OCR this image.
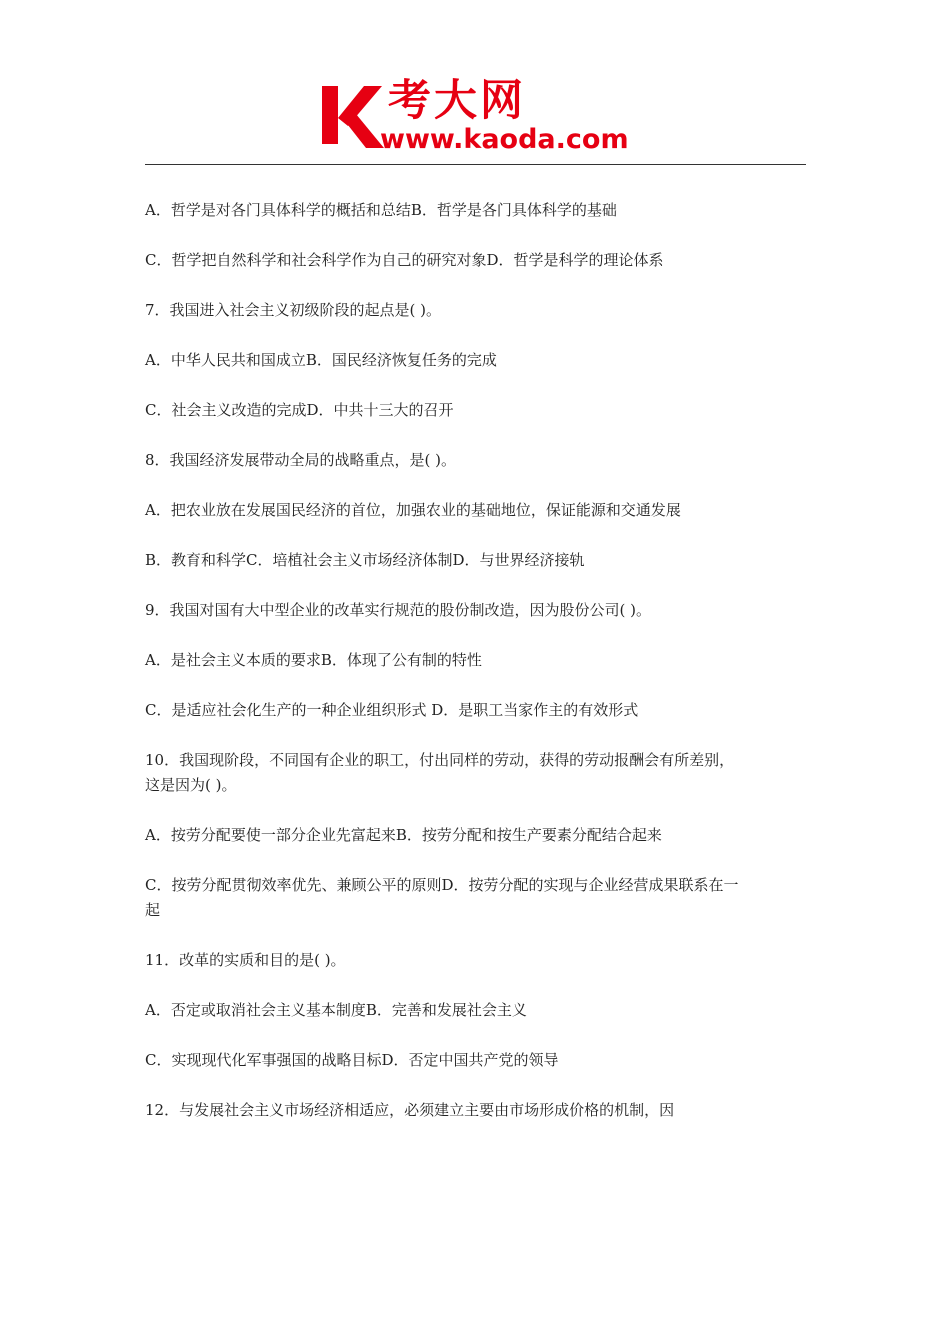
考大网
www.kaoda.com

A．哲学是对各门具体科学的概括和总结B．哲学是各门具体科学的基础

C．哲学把自然科学和社会科学作为自己的研究对象D．哲学是科学的理论体系

7．我国进入社会主义初级阶段的起点是( )。

A．中华人民共和国成立B．国民经济恢复任务的完成

C．社会主义改造的完成D．中共十三大的召开

8．我国经济发展带动全局的战略重点，是( )。

A．把农业放在发展国民经济的首位，加强农业的基础地位，保证能源和交通发展

B．教育和科学C．培植社会主义市场经济体制D．与世界经济接轨

9．我国对国有大中型企业的改革实行规范的股份制改造，因为股份公司( )。

A．是社会主义本质的要求B．体现了公有制的特性

C．是适应社会化生产的一种企业组织形式 D．是职工当家作主的有效形式

10．我国现阶段，不同国有企业的职工，付出同样的劳动，获得的劳动报酬会有所差别，这是因为( )。

A．按劳分配要使一部分企业先富起来B．按劳分配和按生产要素分配结合起来

C．按劳分配贯彻效率优先、兼顾公平的原则D．按劳分配的实现与企业经营成果联系在一起

11．改革的实质和目的是( )。

A．否定或取消社会主义基本制度B．完善和发展社会主义

C．实现现代化军事强国的战略目标D．否定中国共产党的领导

12．与发展社会主义市场经济相适应，必须建立主要由市场形成价格的机制，因
